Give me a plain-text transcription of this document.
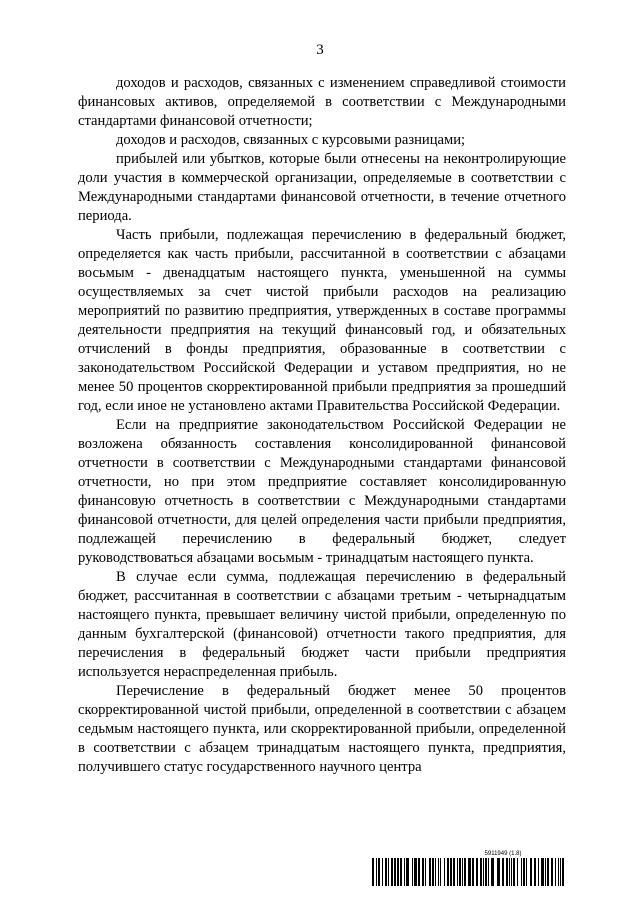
3

доходов и расходов, связанных с изменением справедливой стоимости финансовых активов, определяемой в соответствии с Международными стандартами финансовой отчетности;

доходов и расходов, связанных с курсовыми разницами;

прибылей или убытков, которые были отнесены на неконтролирующие доли участия в коммерческой организации, определяемые в соответствии с Международными стандартами финансовой отчетности, в течение отчетного периода.

Часть прибыли, подлежащая перечислению в федеральный бюджет, определяется как часть прибыли, рассчитанной в соответствии с абзацами восьмым - двенадцатым настоящего пункта, уменьшенной на суммы осуществляемых за счет чистой прибыли расходов на реализацию мероприятий по развитию предприятия, утвержденных в составе программы деятельности предприятия на текущий финансовый год, и обязательных отчислений в фонды предприятия, образованные в соответствии с законодательством Российской Федерации и уставом предприятия, но не менее 50 процентов скорректированной прибыли предприятия за прошедший год, если иное не установлено актами Правительства Российской Федерации.

Если на предприятие законодательством Российской Федерации не возложена обязанность составления консолидированной финансовой отчетности в соответствии с Международными стандартами финансовой отчетности, но при этом предприятие составляет консолидированную финансовую отчетность в соответствии с Международными стандартами финансовой отчетности, для целей определения части прибыли предприятия, подлежащей перечислению в федеральный бюджет, следует руководствоваться абзацами восьмым - тринадцатым настоящего пункта.

В случае если сумма, подлежащая перечислению в федеральный бюджет, рассчитанная в соответствии с абзацами третьим - четырнадцатым настоящего пункта, превышает величину чистой прибыли, определенную по данным бухгалтерской (финансовой) отчетности такого предприятия, для перечисления в федеральный бюджет части прибыли предприятия используется нераспределенная прибыль.

Перечисление в федеральный бюджет менее 50 процентов скорректированной чистой прибыли, определенной в соответствии с абзацем седьмым настоящего пункта, или скорректированной прибыли, определенной в соответствии с абзацем тринадцатым настоящего пункта, предприятия, получившего статус государственного научного центра

5911949 (1.8)
